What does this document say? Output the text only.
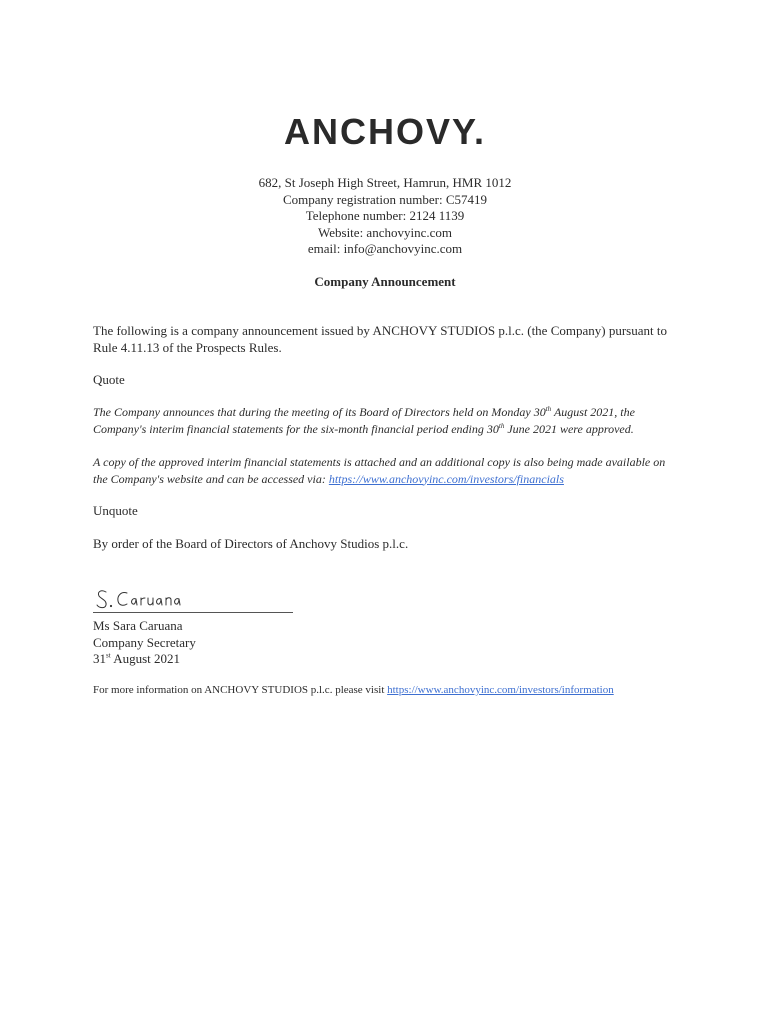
ANCHOVY.
682, St Joseph High Street, Hamrun, HMR 1012
Company registration number: C57419
Telephone number: 2124 1139
Website: anchovyinc.com
email: info@anchovyinc.com
Company Announcement
The following is a company announcement issued by ANCHOVY STUDIOS p.l.c. (the Company) pursuant to Rule 4.11.13 of the Prospects Rules.
Quote
The Company announces that during the meeting of its Board of Directors held on Monday 30th August 2021, the Company's interim financial statements for the six-month financial period ending 30th June 2021 were approved.
A copy of the approved interim financial statements is attached and an additional copy is also being made available on the Company's website and can be accessed via: https://www.anchovyinc.com/investors/financials
Unquote
By order of the Board of Directors of Anchovy Studios p.l.c.
Ms Sara Caruana
Company Secretary
31st August 2021
For more information on ANCHOVY STUDIOS p.l.c. please visit https://www.anchovyinc.com/investors/information
